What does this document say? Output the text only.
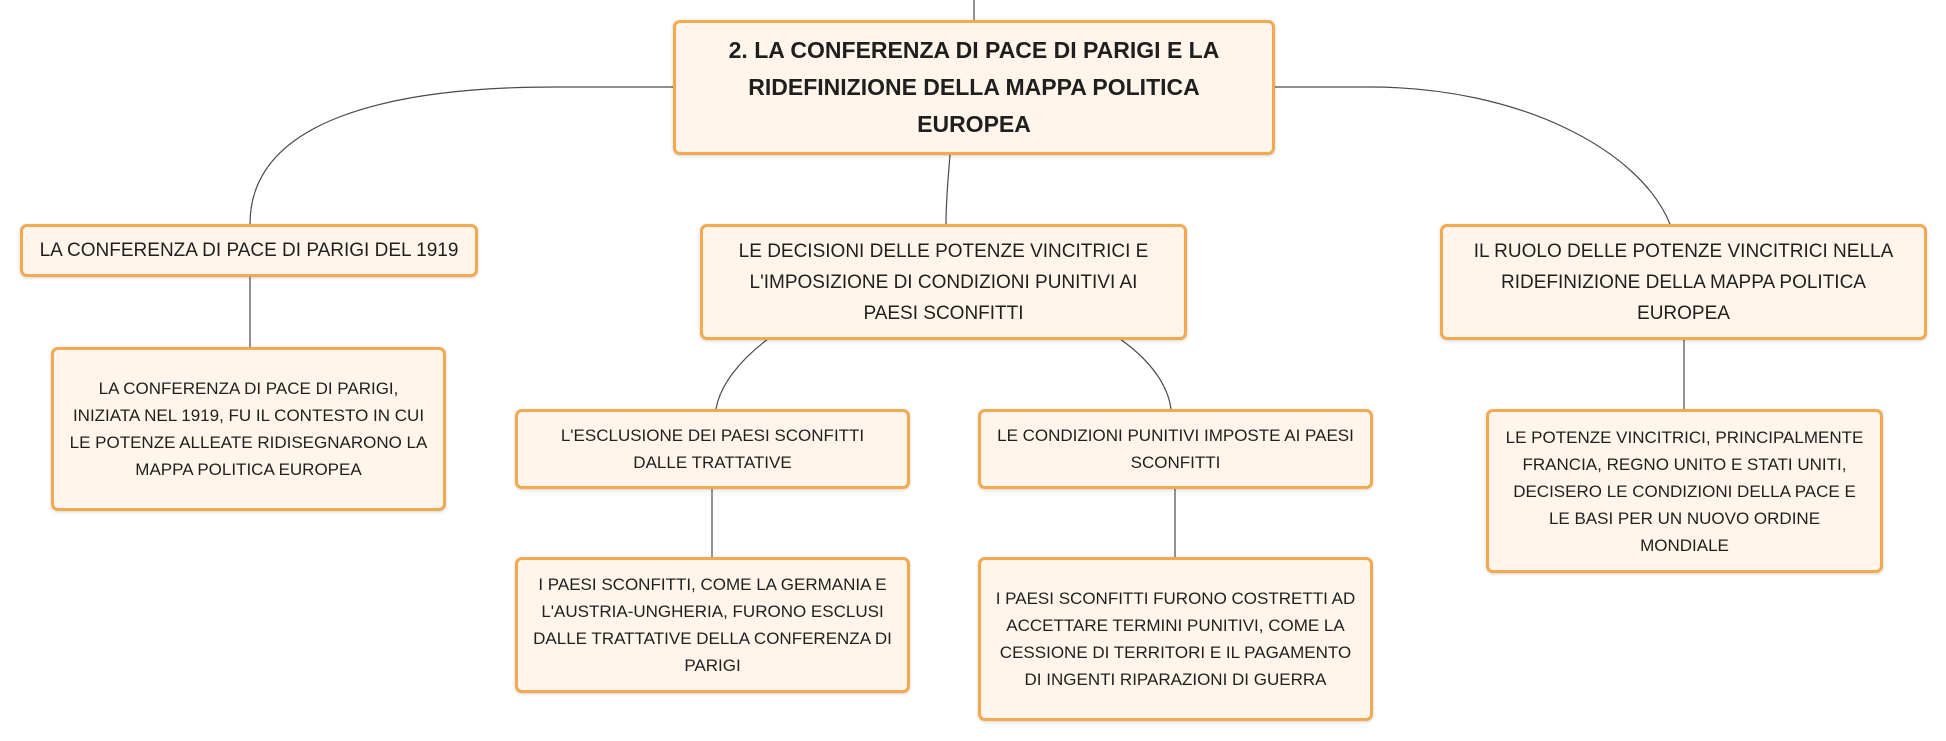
2. LA CONFERENZA DI PACE DI PARIGI E LA RIDEFINIZIONE DELLA MAPPA POLITICA EUROPEA
LA CONFERENZA DI PACE DI PARIGI DEL 1919
LA CONFERENZA DI PACE DI PARIGI, INIZIATA NEL 1919, FU IL CONTESTO IN CUI LE POTENZE ALLEATE RIDISEGNARONO LA MAPPA POLITICA EUROPEA
LE DECISIONI DELLE POTENZE VINCITRICI E L'IMPOSIZIONE DI CONDIZIONI PUNITIVI AI PAESI SCONFITTI
L'ESCLUSIONE DEI PAESI SCONFITTI DALLE TRATTATIVE
I PAESI SCONFITTI, COME LA GERMANIA E L'AUSTRIA-UNGHERIA, FURONO ESCLUSI DALLE TRATTATIVE DELLA CONFERENZA DI PARIGI
LE CONDIZIONI PUNITIVI IMPOSTE AI PAESI SCONFITTI
I PAESI SCONFITTI FURONO COSTRETTI AD ACCETTARE TERMINI PUNITIVI, COME LA CESSIONE DI TERRITORI E IL PAGAMENTO DI INGENTI RIPARAZIONI DI GUERRA
IL RUOLO DELLE POTENZE VINCITRICI NELLA RIDEFINIZIONE DELLA MAPPA POLITICA EUROPEA
LE POTENZE VINCITRICI, PRINCIPALMENTE FRANCIA, REGNO UNITO E STATI UNITI, DECISERO LE CONDIZIONI DELLA PACE E LE BASI PER UN NUOVO ORDINE MONDIALE
